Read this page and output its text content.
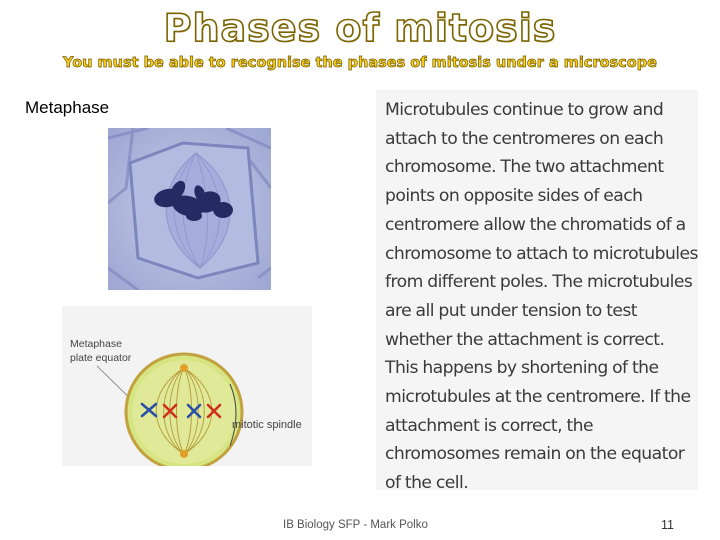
Phases of mitosis
You must be able to recognise the phases of mitosis under a microscope
Metaphase
Metaphase
plate equator
mitotic spindle

Microtubules continue to grow and attach to the centromeres on each chromosome. The two attachment points on opposite sides of each centromere allow the chromatids of a chromosome to attach to microtubules from different poles. The microtubules are all put under tension to test whether the attachment is correct. This happens by shortening of the microtubules at the centromere. If the attachment is correct, the chromosomes remain on the equator of the cell.

IB Biology SFP - Mark Polko	11
